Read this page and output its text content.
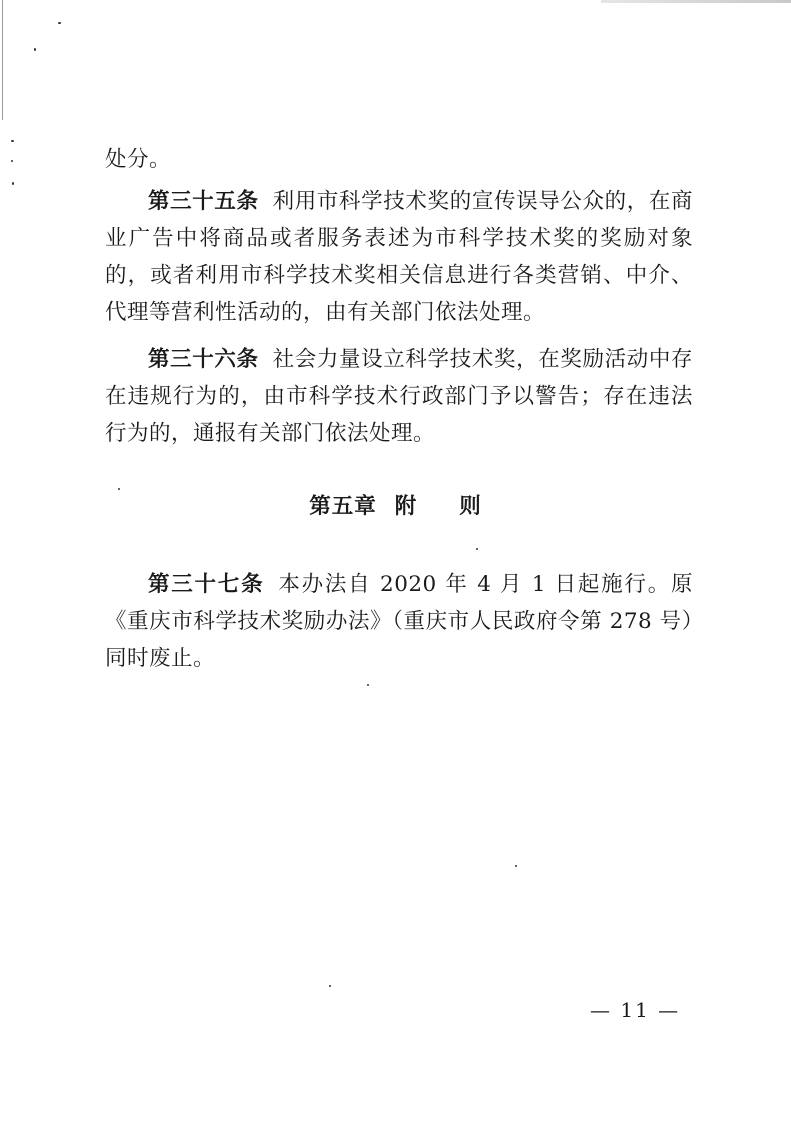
处分。

第三十五条 利用市科学技术奖的宣传误导公众的，在商业广告中将商品或者服务表述为市科学技术奖的奖励对象的，或者利用市科学技术奖相关信息进行各类营销、中介、代理等营利性活动的，由有关部门依法处理。

第三十六条 社会力量设立科学技术奖，在奖励活动中存在违规行为的，由市科学技术行政部门予以警告；存在违法行为的，通报有关部门依法处理。

第五章 附 则

第三十七条 本办法自 2020 年 4 月 1 日起施行。原《重庆市科学技术奖励办法》（重庆市人民政府令第 278 号）同时废止。

— 11 —
